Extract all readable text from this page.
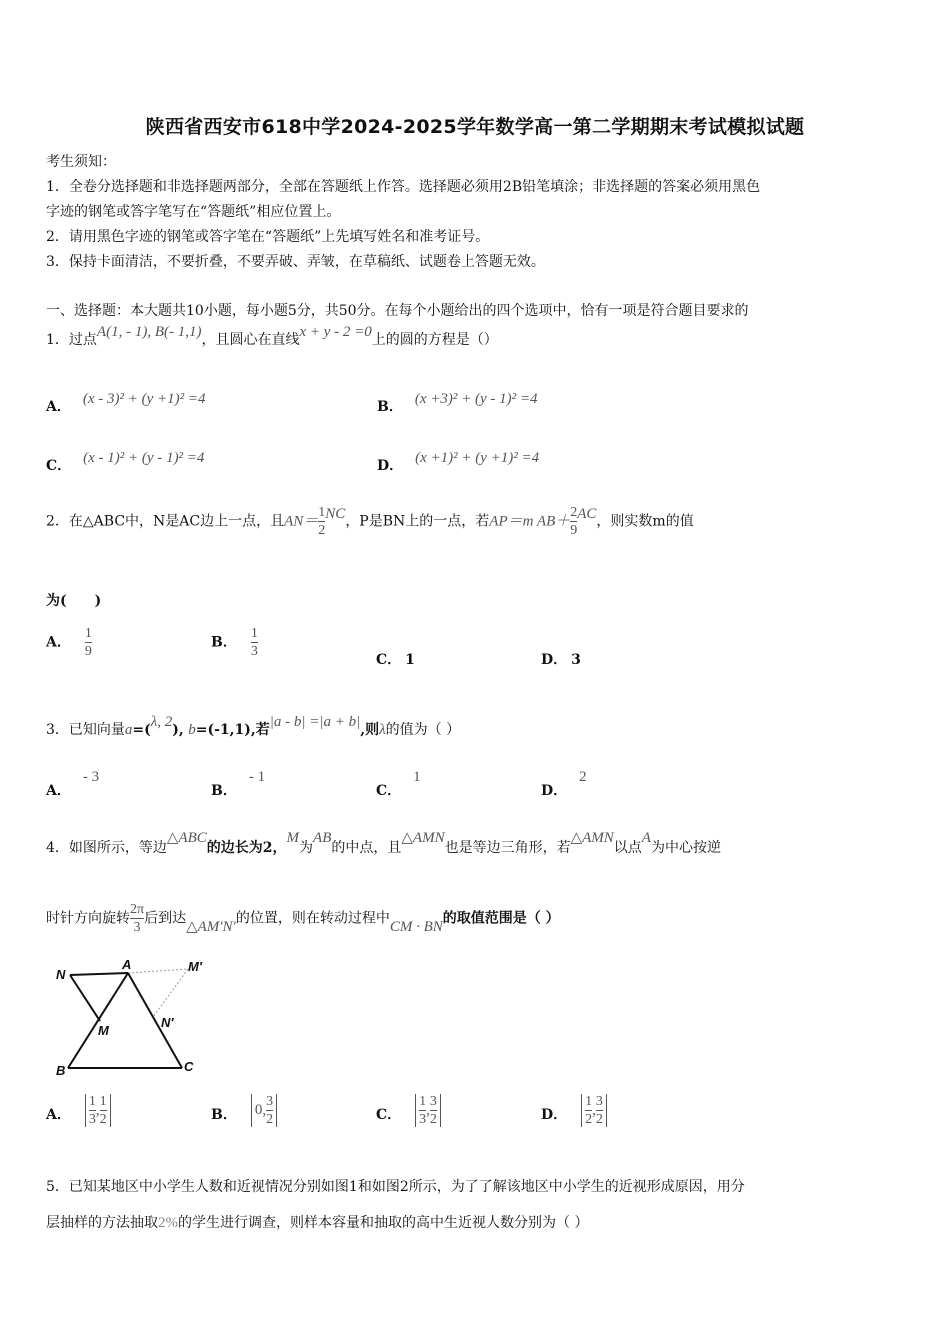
陕西省西安市618中学2024-2025学年数学高一第二学期期末考试模拟试题
考生须知：
1．全卷分选择题和非选择题两部分，全部在答题纸上作答。选择题必须用2B铅笔填涂；非选择题的答案必须用黑色
字迹的钢笔或答字笔写在“答题纸”相应位置上。
2．请用黑色字迹的钢笔或答字笔在“答题纸”上先填写姓名和准考证号。
3．保持卡面清洁，不要折叠，不要弄破、弄皱，在草稿纸、试题卷上答题无效。
一、选择题：本大题共10小题，每小题5分，共50分。在每个小题给出的四个选项中，恰有一项是符合题目要求的
1．过点A(1, - 1), B(- 1,1)，且圆心在直线x + y - 2 =0上的圆的方程是（）
A． (x - 3)² + (y +1)² =4	B． (x +3)² + (y - 1)² =4
C． (x - 1)² + (y - 1)² =4	D． (x +1)² + (y +1)² =4
2．在△ABC中，N是AC边上一点，且$AN= \frac{1}{2}$ NC，P是BN上的一点，若AP＝m $AB+ \frac{2}{9}$ AC，则实数m的值
为(　　)
A． $\frac{1}{9}$	B． $\frac{1}{3}$
C． 1	D． 3
3．已知向量a=(λ, 2), b=(-1,1),若|a - b| =|a + b|,则λ的值为（ ）
A．- 3
B．- 1
C．1
D．2
4．如图所示，等边△ABC的边长为2，M为AB的中点，且△AMN也是等边三角形，若△AMN以点A为中心按逆
时针方向旋转 $\frac{2\pi}{3}$ 后到达△AM′N′的位置，则在转动过程中CM · BN的取值范围是（ ）
N
A	M′
M
N′
B	C
A． $\frac{1}{3}$ , $\frac{1}{2}$	B． 0, $\frac{3}{2}$	C． $\frac{1}{3}$ , $\frac{3}{2}$	D． $\frac{1}{2}$ , $\frac{3}{2}$
5．已知某地区中小学生人数和近视情况分别如图1和如图2所示，为了了解该地区中小学生的近视形成原因，用分
层抽样的方法抽取2%的学生进行调查，则样本容量和抽取的高中生近视人数分别为（ ）
